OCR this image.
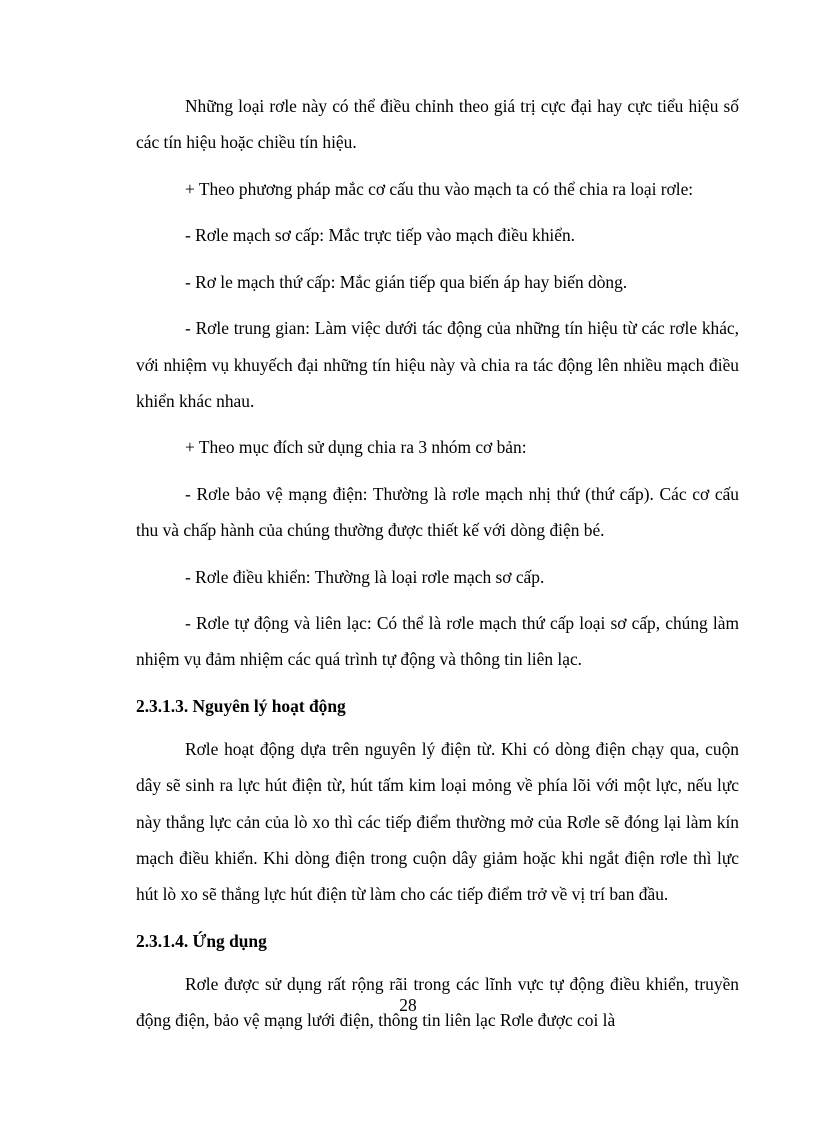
Những loại rơle này có thể điều chỉnh theo giá trị cực đại hay cực tiểu hiệu số các tín hiệu hoặc chiều tín hiệu.

+ Theo phương pháp mắc cơ cấu thu vào mạch ta có thể chia ra loại rơle:

- Rơle mạch sơ cấp: Mắc trực tiếp vào mạch điều khiển.

- Rơ le mạch thứ cấp: Mắc gián tiếp qua biến áp hay biến dòng.

- Rơle trung gian: Làm việc dưới tác động của những tín hiệu từ các rơle khác, với nhiệm vụ khuyếch đại những tín hiệu này và chia ra tác động lên nhiều mạch điều khiển khác nhau.

+ Theo mục đích sử dụng chia ra 3 nhóm cơ bản:

- Rơle bảo vệ mạng điện: Thường là rơle mạch nhị thứ (thứ cấp). Các cơ cấu thu và chấp hành của chúng thường được thiết kế với dòng điện bé.

- Rơle điều khiển: Thường là loại rơle mạch sơ cấp.

- Rơle tự động và liên lạc: Có thể là rơle mạch thứ cấp loại sơ cấp, chúng làm nhiệm vụ đảm nhiệm các quá trình tự động và thông tin liên lạc.

2.3.1.3. Nguyên lý hoạt động

Rơle hoạt động dựa trên nguyên lý điện từ. Khi có dòng điện chạy qua, cuộn dây sẽ sinh ra lực hút điện từ, hút tấm kim loại mỏng về phía lõi với một lực, nếu lực này thắng lực cản của lò xo thì các tiếp điểm thường mở của Rơle sẽ đóng lại làm kín mạch điều khiển. Khi dòng điện trong cuộn dây giảm hoặc khi ngắt điện rơle thì lực hút lò xo sẽ thắng lực hút điện từ làm cho các tiếp điểm trở về vị trí ban đầu.

2.3.1.4. Ứng dụng

Rơle được sử dụng rất rộng rãi trong các lĩnh vực tự động điều khiển, truyền động điện, bảo vệ mạng lưới điện, thông tin liên lạc Rơle được coi là

28
